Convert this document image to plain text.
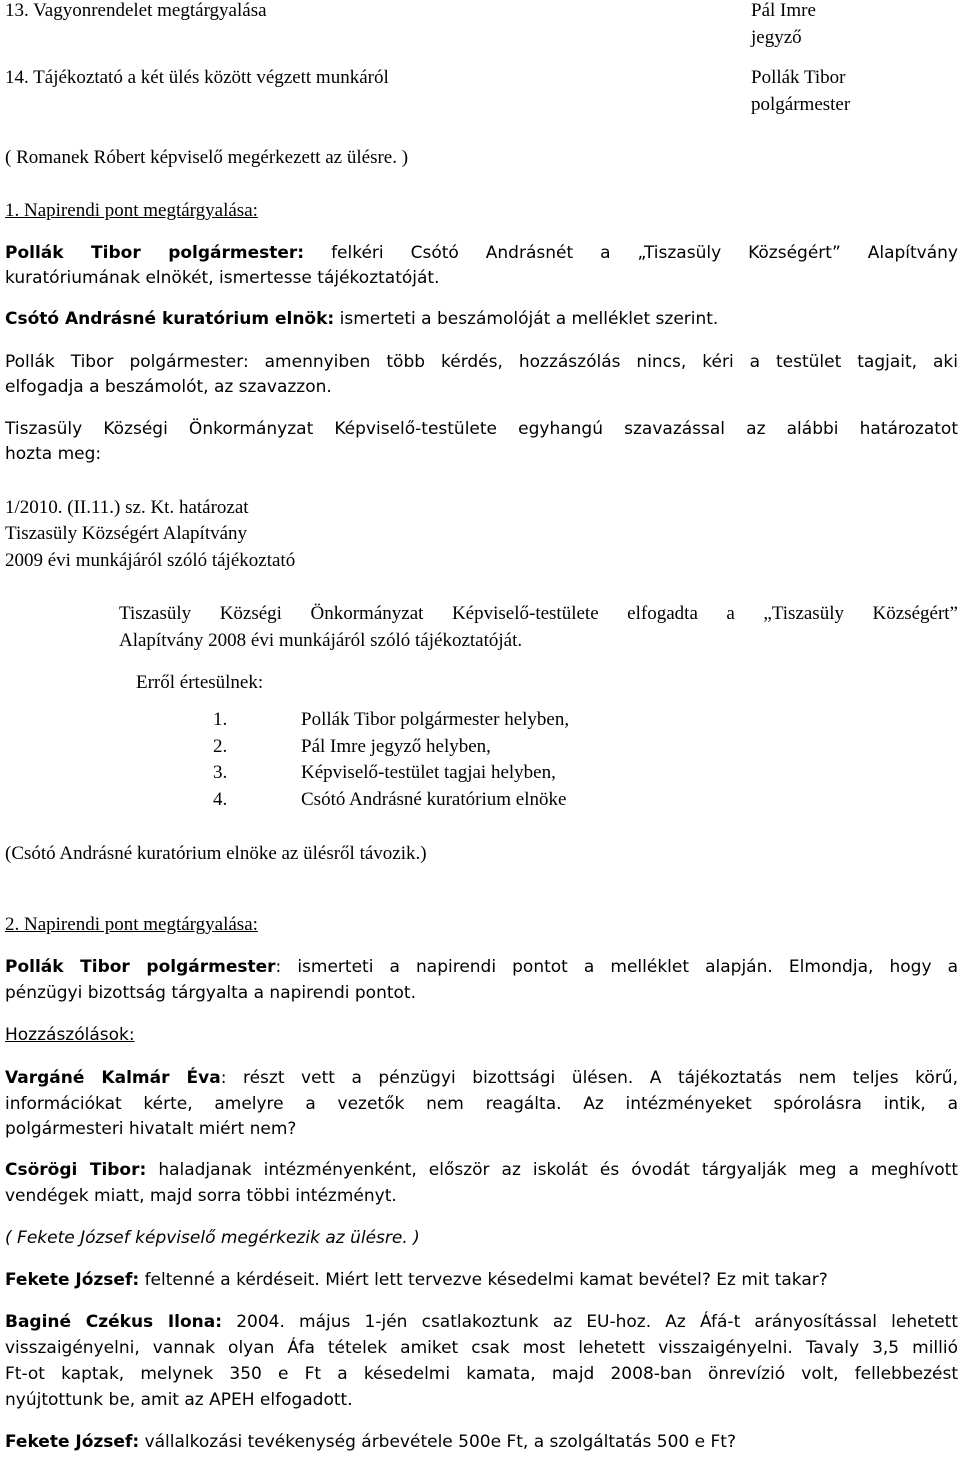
13. Vagyonrendelet megtárgyalása	Pál Imre
jegyző
14. Tájékoztató a két ülés között végzett munkáról	Pollák Tibor
polgármester
( Romanek Róbert képviselő megérkezett az ülésre. )
1. Napirendi pont megtárgyalása:
Pollák Tibor polgármester: felkéri Csótó Andrásnét a „Tiszasüly Községért” Alapítvány
kuratóriumának elnökét, ismertesse tájékoztatóját.
Csótó Andrásné kuratórium elnök: ismerteti a beszámolóját a melléklet szerint.
Pollák Tibor polgármester: amennyiben több kérdés, hozzászólás nincs, kéri a testület tagjait, aki
elfogadja a beszámolót, az szavazzon.
Tiszasüly Községi Önkormányzat Képviselő-testülete egyhangú szavazással az alábbi határozatot
hozta meg:
1/2010. (II.11.) sz. Kt. határozat
Tiszasüly Községért Alapítvány
2009 évi munkájáról szóló tájékoztató
Tiszasüly Községi Önkormányzat Képviselő-testülete elfogadta a „Tiszasüly Községért”
Alapítvány 2008 évi munkájáról szóló tájékoztatóját.
Erről értesülnek:
1.	Pollák Tibor polgármester helyben,
2.	Pál Imre jegyző helyben,
3.	Képviselő-testület tagjai helyben,
4.	Csótó Andrásné kuratórium elnöke
(Csótó Andrásné kuratórium elnöke az ülésről távozik.)
2. Napirendi pont megtárgyalása:
Pollák Tibor polgármester: ismerteti a napirendi pontot a melléklet alapján. Elmondja, hogy a
pénzügyi bizottság tárgyalta a napirendi pontot.
Hozzászólások:
Vargáné Kalmár Éva: részt vett a pénzügyi bizottsági ülésen. A tájékoztatás nem teljes körű,
információkat kérte, amelyre a vezetők nem reagálta. Az intézményeket spórolásra intik, a
polgármesteri hivatalt miért nem?
Csörögi Tibor: haladjanak intézményenként, először az iskolát és óvodát tárgyalják meg a meghívott
vendégek miatt, majd sorra többi intézményt.
( Fekete József képviselő megérkezik az ülésre. )
Fekete József: feltenné a kérdéseit. Miért lett tervezve késedelmi kamat bevétel? Ez mit takar?
Baginé Czékus Ilona: 2004. május 1-jén csatlakoztunk az EU-hoz. Az Áfá-t arányosítással lehetett
visszaigényelni, vannak olyan Áfa tételek amiket csak most lehetett visszaigényelni. Tavaly 3,5 millió
Ft-ot kaptak, melynek 350 e Ft a késedelmi kamata, majd 2008-ban önrevízió volt, fellebbezést
nyújtottunk be, amit az APEH elfogadott.
Fekete József: vállalkozási tevékenység árbevétele 500e Ft, a szolgáltatás 500 e Ft?
